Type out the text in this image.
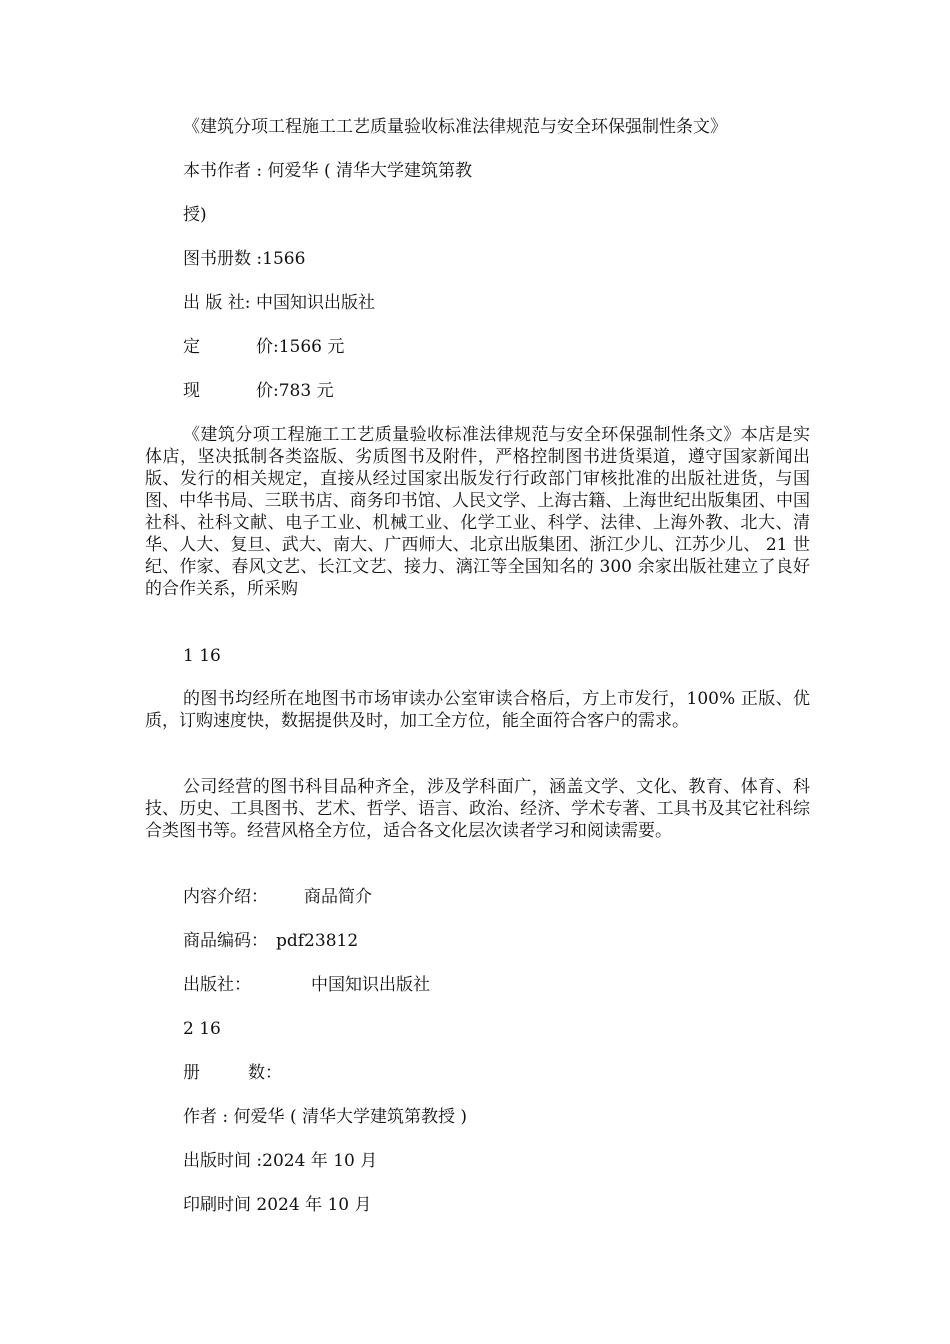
《建筑分项工程施工工艺质量验收标准法律规范与安全环保强制性条文》
本书作者 : 何爱华 ( 清华大学建筑第教
授)
图书册数 :1566
出 版 社: 中国知识出版社
定	价:1566 元
现	价:783 元
《建筑分项工程施工工艺质量验收标准法律规范与安全环保强制性条文》本店是实体店，坚决抵制各类盗版、劣质图书及附件，严格控制图书进货渠道，遵守国家新闻出版、发行的相关规定，直接从经过国家出版发行行政部门审核批准的出版社进货，与国图、中华书局、三联书店、商务印书馆、人民文学、上海古籍、上海世纪出版集团、中国社科、社科文献、电子工业、机械工业、化学工业、科学、法律、上海外教、北大、清华、人大、复旦、武大、南大、广西师大、北京出版集团、浙江少儿、江苏少儿、 21 世纪、作家、春风文艺、长江文艺、接力、漓江等全国知名的 300 余家出版社建立了良好的合作关系，所采购
1 16
的图书均经所在地图书市场审读办公室审读合格后，方上市发行，100% 正版、优质，订购速度快，数据提供及时，加工全方位，能全面符合客户的需求。
公司经营的图书科目品种齐全，涉及学科面广，涵盖文学、文化、教育、体育、科技、历史、工具图书、艺术、哲学、语言、政治、经济、学术专著、工具书及其它社科综合类图书等。经营风格全方位，适合各文化层次读者学习和阅读需要。
内容介绍： 商品简介
商品编码： pdf23812
出版社：	中国知识出版社
2 16
册	数：
作者 : 何爱华 ( 清华大学建筑第教授 )
出版时间 :2024 年 10 月
印刷时间 2024 年 10 月
